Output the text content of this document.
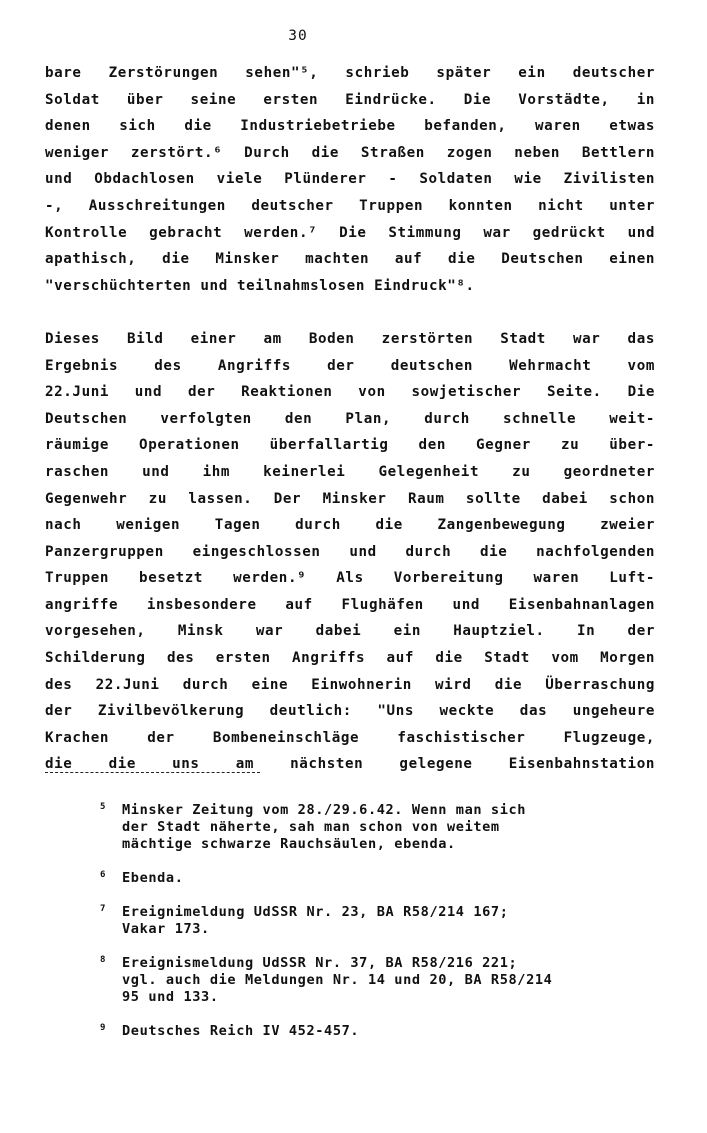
30
bare Zerstörungen sehen"⁵, schrieb später ein deutscher
Soldat über seine ersten Eindrücke. Die Vorstädte, in
denen sich die Industriebetriebe befanden, waren etwas
weniger zerstört.⁶ Durch die Straßen zogen neben Bettlern
und Obdachlosen viele Plünderer - Soldaten wie Zivilisten
-, Ausschreitungen deutscher Truppen konnten nicht unter
Kontrolle gebracht werden.⁷ Die Stimmung war gedrückt und
apathisch, die Minsker machten auf die Deutschen einen
"verschüchterten und teilnahmslosen Eindruck"⁸.
Dieses Bild einer am Boden zerstörten Stadt war das
Ergebnis des Angriffs der deutschen Wehrmacht vom
22.Juni und der Reaktionen von sowjetischer Seite. Die
Deutschen verfolgten den Plan, durch schnelle weit-
räumige Operationen überfallartig den Gegner zu über-
raschen und ihm keinerlei Gelegenheit zu geordneter
Gegenwehr zu lassen. Der Minsker Raum sollte dabei schon
nach wenigen Tagen durch die Zangenbewegung zweier
Panzergruppen eingeschlossen und durch die nachfolgenden
Truppen besetzt werden.⁹ Als Vorbereitung waren Luft-
angriffe insbesondere auf Flughäfen und Eisenbahnanlagen
vorgesehen, Minsk war dabei ein Hauptziel. In der
Schilderung des ersten Angriffs auf die Stadt vom Morgen
des 22.Juni durch eine Einwohnerin wird die Überraschung
der Zivilbevölkerung deutlich: "Uns weckte das ungeheure
Krachen der Bombeneinschläge faschistischer Flugzeuge,
die die uns am nächsten gelegene Eisenbahnstation
5 Minsker Zeitung vom 28./29.6.42. Wenn man sich
der Stadt näherte, sah man schon von weitem
mächtige schwarze Rauchsäulen, ebenda.
6 Ebenda.
7 Ereignimeldung UdSSR Nr. 23, BA R58/214 167;
Vakar 173.
8 Ereignismeldung UdSSR Nr. 37, BA R58/216 221;
vgl. auch die Meldungen Nr. 14 und 20, BA R58/214
95 und 133.
9 Deutsches Reich IV 452-457.
